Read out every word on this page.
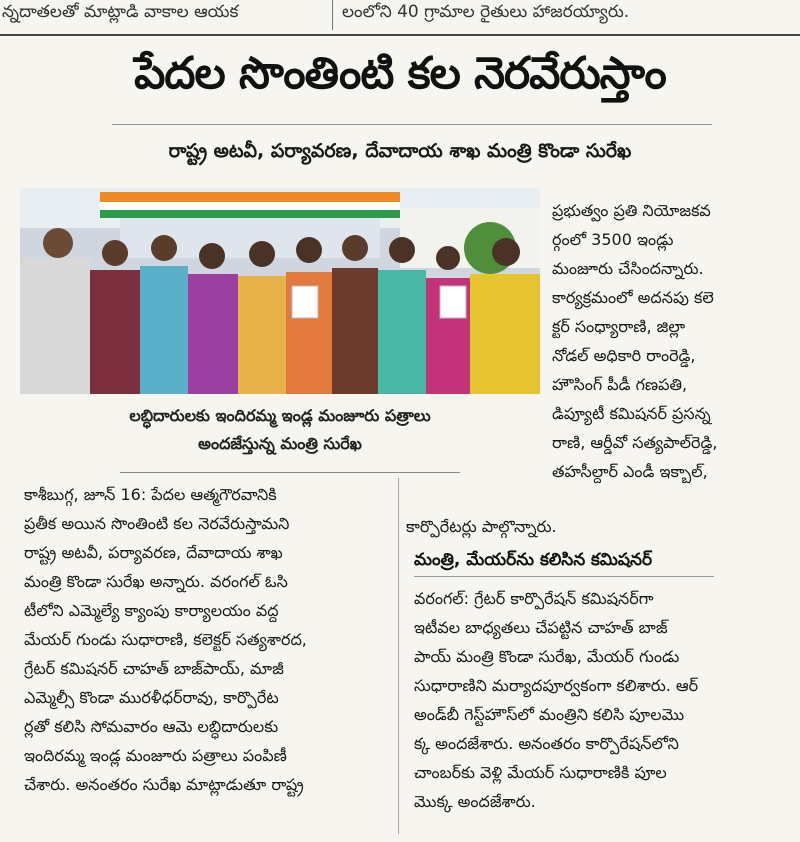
న్నదాతలతో మాట్లాడి వాకాల ఆయక	లంలోని 40 గ్రామాల రైతులు హాజరయ్యారు.
పేదల సొంతింటి కల నెరవేరుస్తాం
రాష్ట్ర అటవీ, పర్యావరణ, దేవాదాయ శాఖ మంత్రి కొండా సురేఖ
లబ్ధిదారులకు ఇందిరమ్మ ఇండ్ల మంజూరు పత్రాలు
అందజేస్తున్న మంత్రి సురేఖ

ప్రభుత్వం ప్రతి నియోజకవ

ర్గంలో 3500 ఇండ్లు

మంజూరు చేసిందన్నారు.

కార్యక్రమంలో అదనపు కలె

క్టర్ సంధ్యారాణి, జిల్లా

నోడల్ అధికారి రాంరెడ్డి,

హౌసింగ్ పీడీ గణపతి,

డిప్యూటీ కమిషనర్ ప్రసన్న

రాణి, ఆర్డీవో సత్యపాల్‌రెడ్డి,

తహసీల్దార్ ఎండీ ఇక్బాల్,

కార్పొరేటర్లు పాల్గొన్నారు.

కాశీబుగ్గ, జూన్ 16: పేదల ఆత్మగౌరవానికి

ప్రతీక అయిన సొంతింటి కల నెరవేరుస్తామని

రాష్ట్ర అటవీ, పర్యావరణ, దేవాదాయ శాఖ

మంత్రి కొండా సురేఖ అన్నారు. వరంగల్ ఓసి

టీలోని ఎమ్మెల్యే క్యాంపు కార్యాలయం వద్ద

మేయర్ గుండు సుధారాణి, కలెక్టర్ సత్యశారద,

గ్రేటర్ కమిషనర్ చాహత్ బాజ్‌పాయ్, మాజీ

ఎమ్మెల్సీ కొండా మురళీధర్‌రావు, కార్పొరేట

ర్లతో కలిసి సోమవారం ఆమె లబ్ధిదారులకు

ఇందిరమ్మ ఇండ్ల మంజూరు పత్రాలు పంపిణీ

చేశారు. అనంతరం సురేఖ మాట్లాడుతూ రాష్ట్ర

మంత్రి, మేయర్‌ను కలిసిన కమిషనర్

వరంగల్: గ్రేటర్ కార్పొరేషన్ కమిషనర్‌గా

ఇటీవల బాధ్యతలు చేపట్టిన చాహత్ బాజ్

పాయ్ మంత్రి కొండా సురేఖ, మేయర్ గుండు

సుధారాణిని మర్యాదపూర్వకంగా కలిశారు. ఆర్

అండ్‌బీ గెస్ట్‌హౌస్‌లో మంత్రిని కలిసి పూలమొ

క్క అందజేశారు. అనంతరం కార్పొరేషన్‌లోని

చాంబర్‌కు వెళ్లి మేయర్ సుధారాణికి పూల

మొక్క అందజేశారు.
